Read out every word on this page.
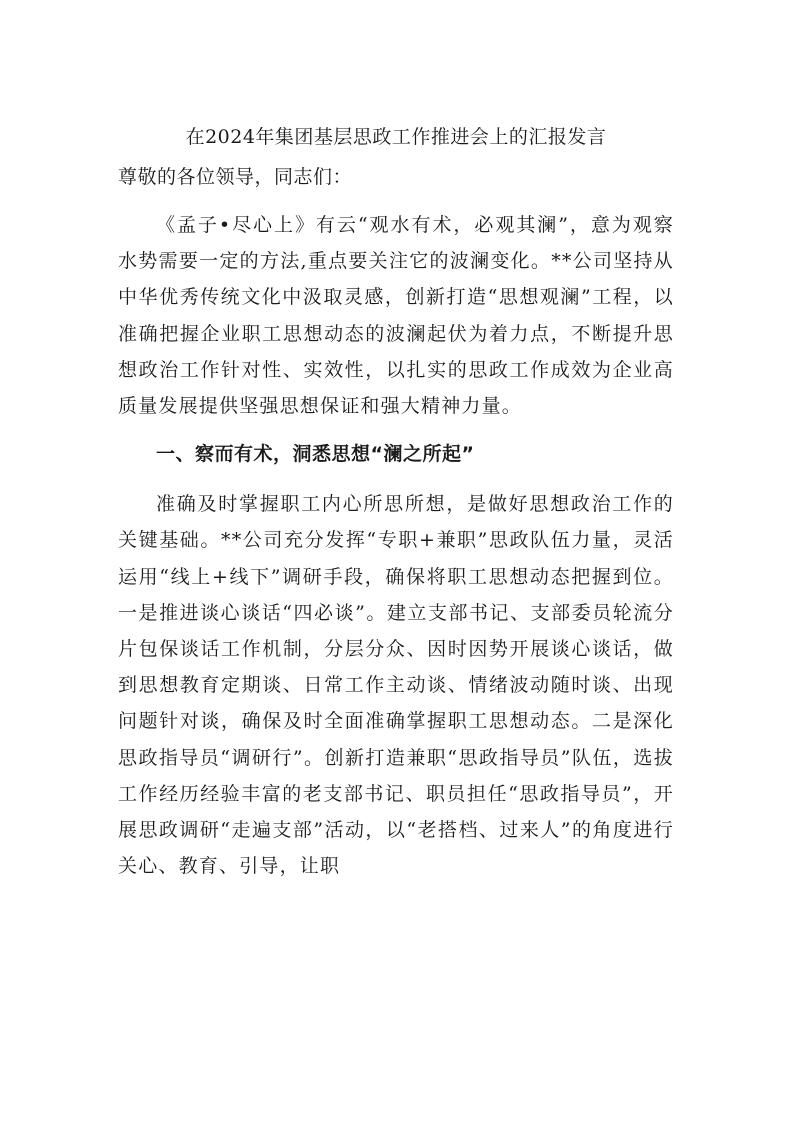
在2024年集团基层思政工作推进会上的汇报发言
尊敬的各位领导，同志们：

《孟子•尽心上》有云“观水有术，必观其澜”，意为观察水势需要一定的方法,重点要关注它的波澜变化。**公司坚持从中华优秀传统文化中汲取灵感，创新打造“思想观澜”工程，以准确把握企业职工思想动态的波澜起伏为着力点，不断提升思想政治工作针对性、实效性，以扎实的思政工作成效为企业高质量发展提供坚强思想保证和强大精神力量。

一、察而有术，洞悉思想“澜之所起”

准确及时掌握职工内心所思所想，是做好思想政治工作的关键基础。**公司充分发挥“专职+兼职”思政队伍力量，灵活运用“线上+线下”调研手段，确保将职工思想动态把握到位。一是推进谈心谈话“四必谈”。建立支部书记、支部委员轮流分片包保谈话工作机制，分层分众、因时因势开展谈心谈话，做到思想教育定期谈、日常工作主动谈、情绪波动随时谈、出现问题针对谈，确保及时全面准确掌握职工思想动态。二是深化思政指导员“调研行”。创新打造兼职“思政指导员”队伍，选拔工作经历经验丰富的老支部书记、职员担任“思政指导员”，开展思政调研“走遍支部”活动，以“老搭档、过来人”的角度进行关心、教育、引导，让职
